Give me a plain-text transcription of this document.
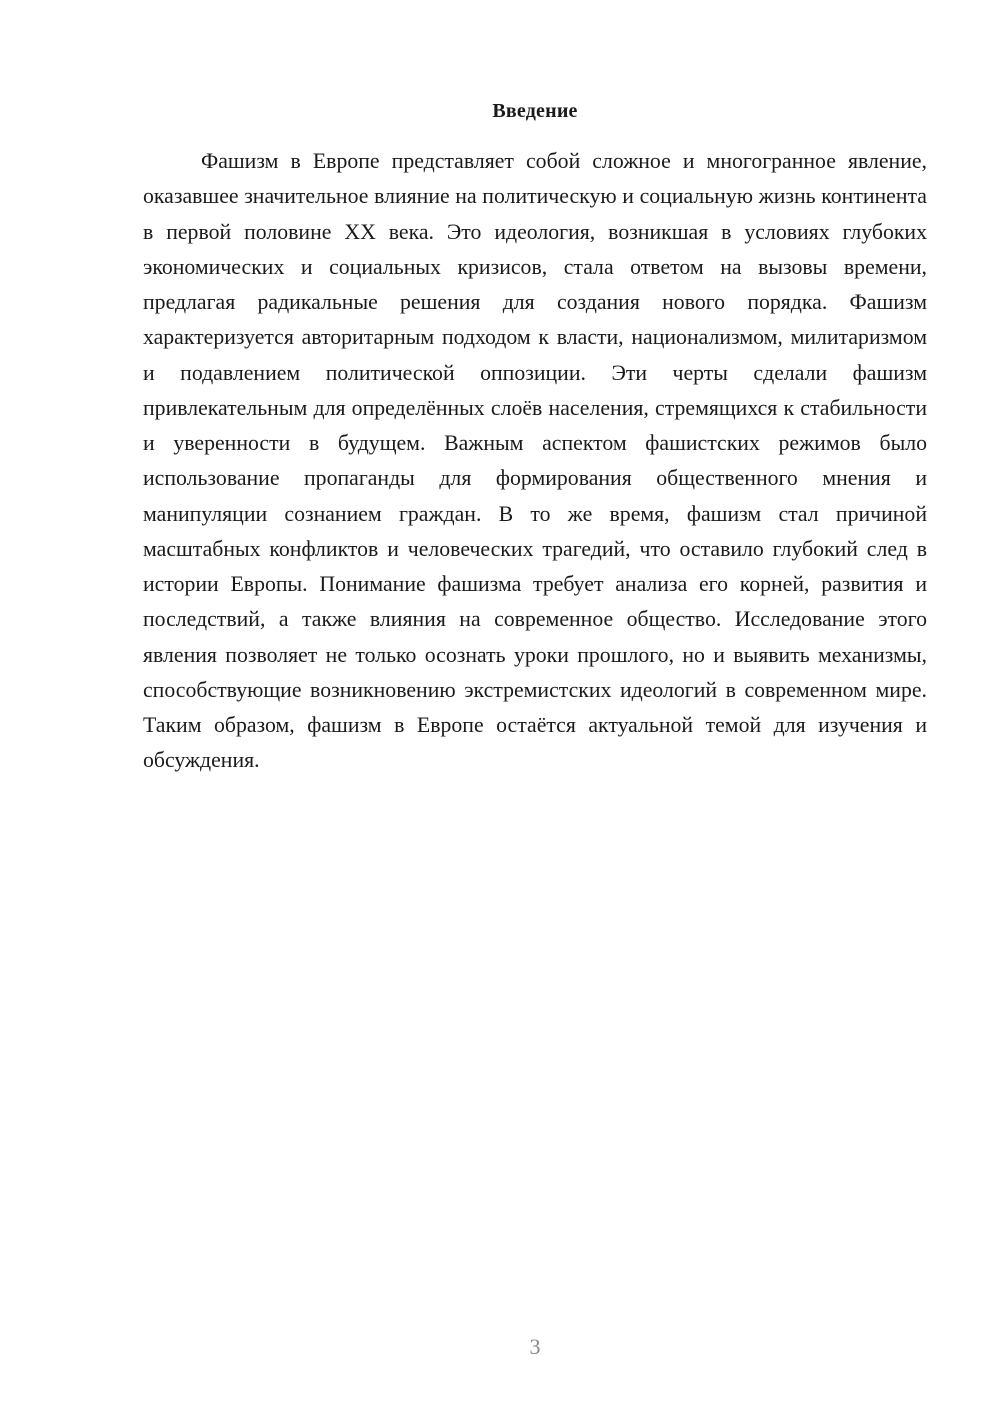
Введение

Фашизм в Европе представляет собой сложное и многогранное явление, оказавшее значительное влияние на политическую и социальную жизнь континента в первой половине XX века. Это идеология, возникшая в условиях глубоких экономических и социальных кризисов, стала ответом на вызовы времени, предлагая радикальные решения для создания нового порядка. Фашизм характеризуется авторитарным подходом к власти, национализмом, милитаризмом и подавлением политической оппозиции. Эти черты сделали фашизм привлекательным для определённых слоёв населения, стремящихся к стабильности и уверенности в будущем. Важным аспектом фашистских режимов было использование пропаганды для формирования общественного мнения и манипуляции сознанием граждан. В то же время, фашизм стал причиной масштабных конфликтов и человеческих трагедий, что оставило глубокий след в истории Европы. Понимание фашизма требует анализа его корней, развития и последствий, а также влияния на современное общество. Исследование этого явления позволяет не только осознать уроки прошлого, но и выявить механизмы, способствующие возникновению экстремистских идеологий в современном мире. Таким образом, фашизм в Европе остаётся актуальной темой для изучения и обсуждения.

3
